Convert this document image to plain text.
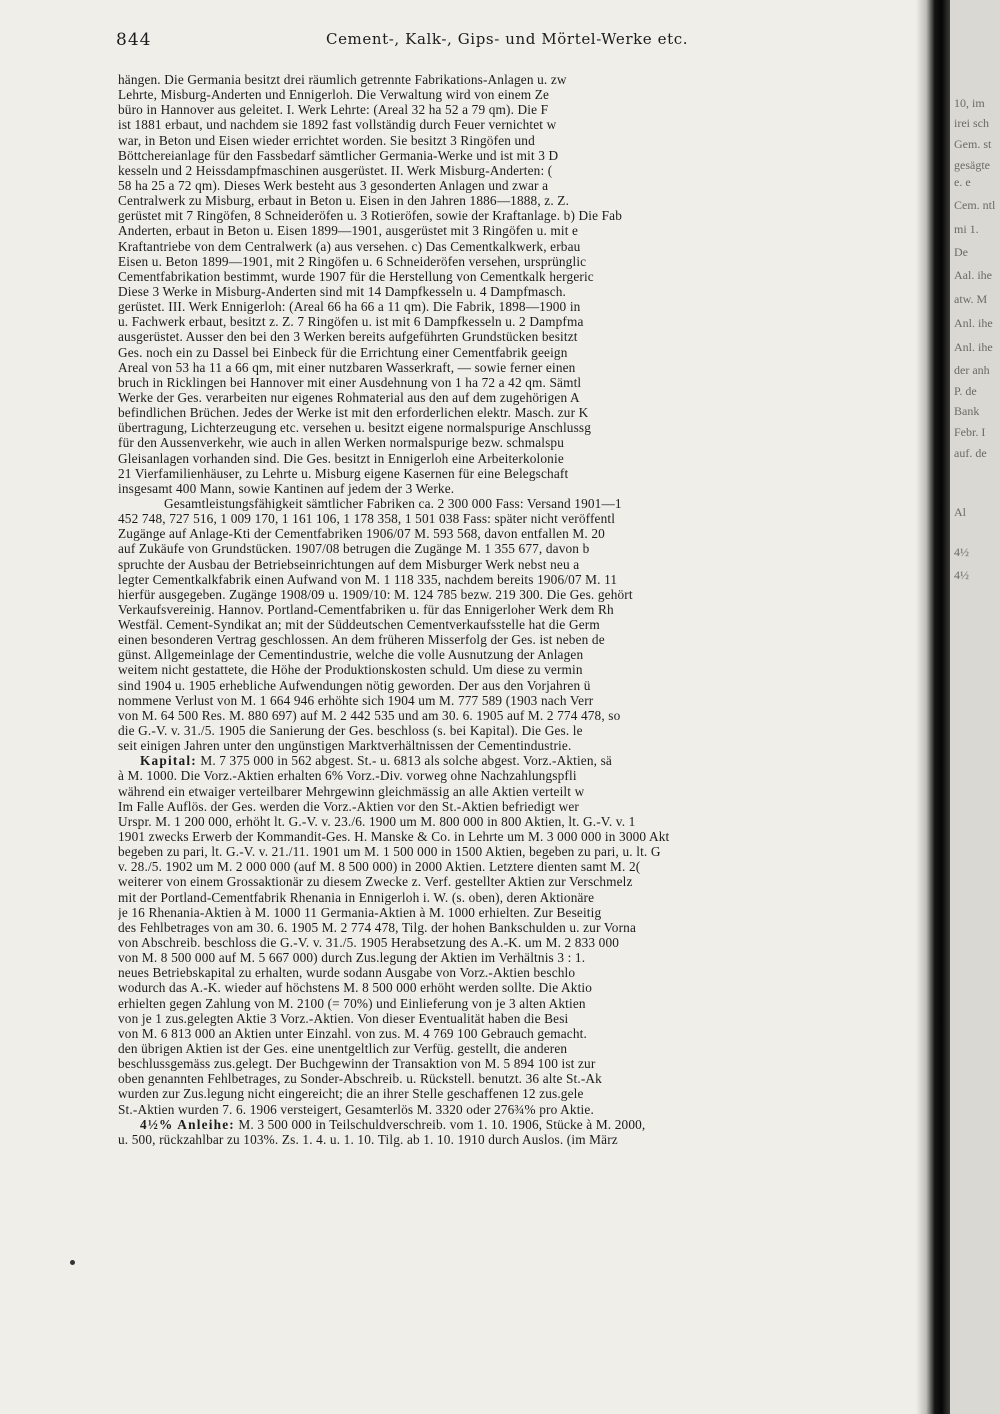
844	Cement-, Kalk-, Gips- und Mörtel-Werke etc.
hängen. Die Germania besitzt drei räumlich getrennte Fabrikations-Anlagen u. zw
Lehrte, Misburg-Anderten und Ennigerloh. Die Verwaltung wird von einem Ze
büro in Hannover aus geleitet. I. Werk Lehrte: (Areal 32 ha 52 a 79 qm). Die F
ist 1881 erbaut, und nachdem sie 1892 fast vollständig durch Feuer vernichtet w
war, in Beton und Eisen wieder errichtet worden. Sie besitzt 3 Ringöfen und
Böttchereianlage für den Fassbedarf sämtlicher Germania-Werke und ist mit 3 D
kesseln und 2 Heissdampfmaschinen ausgerüstet. II. Werk Misburg-Anderten: (
58 ha 25 a 72 qm). Dieses Werk besteht aus 3 gesonderten Anlagen und zwar a
Centralwerk zu Misburg, erbaut in Beton u. Eisen in den Jahren 1886—1888, z. Z.
gerüstet mit 7 Ringöfen, 8 Schneideröfen u. 3 Rotieröfen, sowie der Kraftanlage. b) Die Fab
Anderten, erbaut in Beton u. Eisen 1899—1901, ausgerüstet mit 3 Ringöfen u. mit e
Kraftantriebe von dem Centralwerk (a) aus versehen. c) Das Cementkalkwerk, erbau
Eisen u. Beton 1899—1901, mit 2 Ringöfen u. 6 Schneideröfen versehen, ursprünglic
Cementfabrikation bestimmt, wurde 1907 für die Herstellung von Cementkalk hergeric
Diese 3 Werke in Misburg-Anderten sind mit 14 Dampfkesseln u. 4 Dampfmasch.
gerüstet. III. Werk Ennigerloh: (Areal 66 ha 66 a 11 qm). Die Fabrik, 1898—1900 in
u. Fachwerk erbaut, besitzt z. Z. 7 Ringöfen u. ist mit 6 Dampfkesseln u. 2 Dampfma
ausgerüstet. Ausser den bei den 3 Werken bereits aufgeführten Grundstücken besitzt
Ges. noch ein zu Dassel bei Einbeck für die Errichtung einer Cementfabrik geeign
Areal von 53 ha 11 a 66 qm, mit einer nutzbaren Wasserkraft, — sowie ferner einen
bruch in Ricklingen bei Hannover mit einer Ausdehnung von 1 ha 72 a 42 qm. Sämtl
Werke der Ges. verarbeiten nur eigenes Rohmaterial aus den auf dem zugehörigen A
befindlichen Brüchen. Jedes der Werke ist mit den erforderlichen elektr. Masch. zur K
übertragung, Lichterzeugung etc. versehen u. besitzt eigene normalspurige Anschlussg
für den Aussenverkehr, wie auch in allen Werken normalspurige bezw. schmalspu
Gleisanlagen vorhanden sind. Die Ges. besitzt in Ennigerloh eine Arbeiterkolonie
21 Vierfamilienhäuser, zu Lehrte u. Misburg eigene Kasernen für eine Belegschaft
insgesamt 400 Mann, sowie Kantinen auf jedem der 3 Werke.
Gesamtleistungsfähigkeit sämtlicher Fabriken ca. 2 300 000 Fass: Versand 1901—1
452 748, 727 516, 1 009 170, 1 161 106, 1 178 358, 1 501 038 Fass: später nicht veröffentl
Zugänge auf Anlage-Kti der Cementfabriken 1906/07 M. 593 568, davon entfallen M. 20
auf Zukäufe von Grundstücken. 1907/08 betrugen die Zugänge M. 1 355 677, davon b
spruchte der Ausbau der Betriebseinrichtungen auf dem Misburger Werk nebst neu a
legter Cementkalkfabrik einen Aufwand von M. 1 118 335, nachdem bereits 1906/07 M. 11
hierfür ausgegeben. Zugänge 1908/09 u. 1909/10: M. 124 785 bezw. 219 300. Die Ges. gehört
Verkaufsvereinig. Hannov. Portland-Cementfabriken u. für das Ennigerloher Werk dem Rh
Westfäl. Cement-Syndikat an; mit der Süddeutschen Cementverkaufsstelle hat die Germ
einen besonderen Vertrag geschlossen. An dem früheren Misserfolg der Ges. ist neben de
günst. Allgemeinlage der Cementindustrie, welche die volle Ausnutzung der Anlagen
weitem nicht gestattete, die Höhe der Produktionskosten schuld. Um diese zu vermin
sind 1904 u. 1905 erhebliche Aufwendungen nötig geworden. Der aus den Vorjahren ü
nommene Verlust von M. 1 664 946 erhöhte sich 1904 um M. 777 589 (1903 nach Verr
von M. 64 500 Res. M. 880 697) auf M. 2 442 535 und am 30. 6. 1905 auf M. 2 774 478, so
die G.-V. v. 31./5. 1905 die Sanierung der Ges. beschloss (s. bei Kapital). Die Ges. le
seit einigen Jahren unter den ungünstigen Marktverhältnissen der Cementindustrie.
Kapital: M. 7 375 000 in 562 abgest. St.- u. 6813 als solche abgest. Vorz.-Aktien, sä
à M. 1000. Die Vorz.-Aktien erhalten 6% Vorz.-Div. vorweg ohne Nachzahlungspfli
während ein etwaiger verteilbarer Mehrgewinn gleichmässig an alle Aktien verteilt w
Im Falle Auflös. der Ges. werden die Vorz.-Aktien vor den St.-Aktien befriedigt wer
Urspr. M. 1 200 000, erhöht lt. G.-V. v. 23./6. 1900 um M. 800 000 in 800 Aktien, lt. G.-V. v. 1
1901 zwecks Erwerb der Kommandit-Ges. H. Manske & Co. in Lehrte um M. 3 000 000 in 3000 Akt
begeben zu pari, lt. G.-V. v. 21./11. 1901 um M. 1 500 000 in 1500 Aktien, begeben zu pari, u. lt. G
v. 28./5. 1902 um M. 2 000 000 (auf M. 8 500 000) in 2000 Aktien. Letztere dienten samt M. 2(
weiterer von einem Grossaktionär zu diesem Zwecke z. Verf. gestellter Aktien zur Verschmelz
mit der Portland-Cementfabrik Rhenania in Ennigerloh i. W. (s. oben), deren Aktionäre
je 16 Rhenania-Aktien à M. 1000 11 Germania-Aktien à M. 1000 erhielten. Zur Beseitig
des Fehlbetrages von am 30. 6. 1905 M. 2 774 478, Tilg. der hohen Bankschulden u. zur Vorna
von Abschreib. beschloss die G.-V. v. 31./5. 1905 Herabsetzung des A.-K. um M. 2 833 000
von M. 8 500 000 auf M. 5 667 000) durch Zus.legung der Aktien im Verhältnis 3 : 1.
neues Betriebskapital zu erhalten, wurde sodann Ausgabe von Vorz.-Aktien beschlo
wodurch das A.-K. wieder auf höchstens M. 8 500 000 erhöht werden sollte. Die Aktio
erhielten gegen Zahlung von M. 2100 (= 70%) und Einlieferung von je 3 alten Aktien
von je 1 zus.gelegten Aktie 3 Vorz.-Aktien. Von dieser Eventualität haben die Besi
von M. 6 813 000 an Aktien unter Einzahl. von zus. M. 4 769 100 Gebrauch gemacht.
den übrigen Aktien ist der Ges. eine unentgeltlich zur Verfüg. gestellt, die anderen
beschlussgemäss zus.gelegt. Der Buchgewinn der Transaktion von M. 5 894 100 ist zur
oben genannten Fehlbetrages, zu Sonder-Abschreib. u. Rückstell. benutzt. 36 alte St.-Ak
wurden zur Zus.legung nicht eingereicht; die an ihrer Stelle geschaffenen 12 zus.gele
St.-Aktien wurden 7. 6. 1906 versteigert, Gesamterlös M. 3320 oder 276¾% pro Aktie.
4½% Anleihe: M. 3 500 000 in Teilschuldverschreib. vom 1. 10. 1906, Stücke à M. 2000,
u. 500, rückzahlbar zu 103%. Zs. 1. 4. u. 1. 10. Tilg. ab 1. 10. 1910 durch Auslos. (im März
10, im
irei sch
Gem. st
gesägte
e. e
Cem. ntl
mi 1.
De
Aal. ihe
atw. M
Anl. ihe
Anl. ihe
der anh
P. de
Bank
Febr. I
auf. de
Al
4½
4½
